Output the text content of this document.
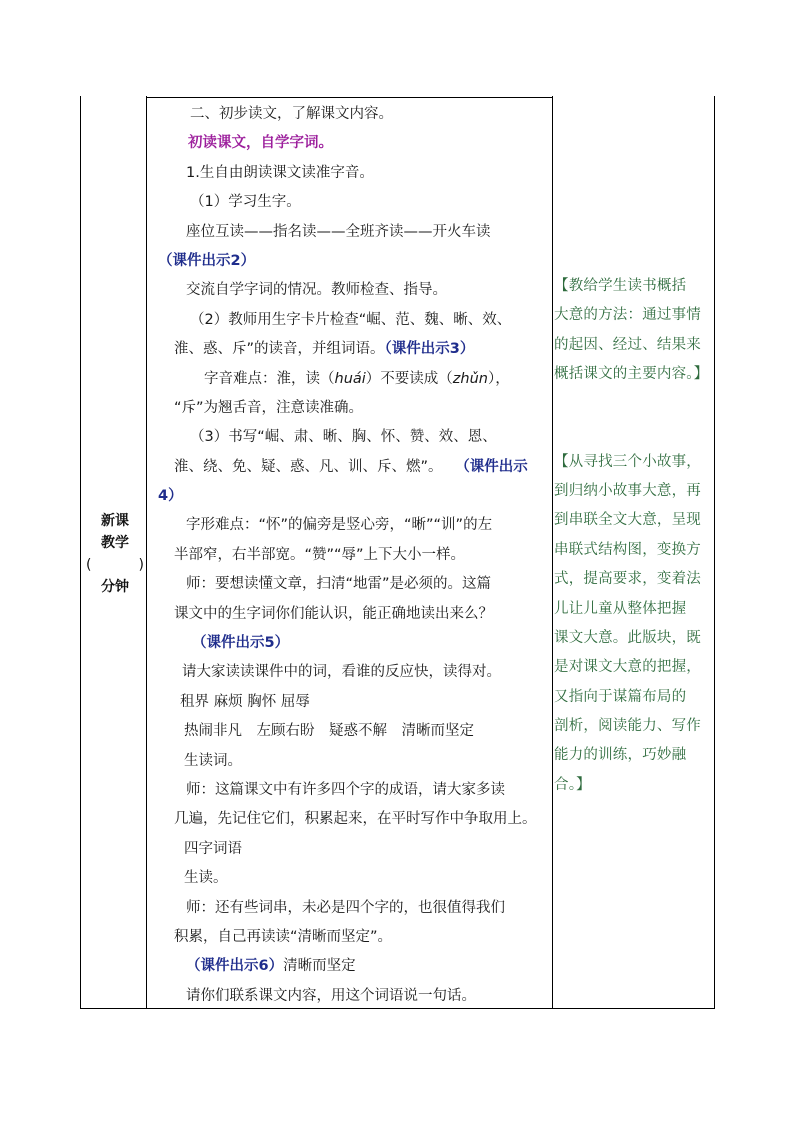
新课
教学
(	)
分钟
二、初步读文，了解课文内容。
初读课文，自学字词。
1.生自由朗读课文读准字音。
（1）学习生字。
座位互读——指名读——全班齐读——开火车读
（课件出示2）
交流自学字词的情况。教师检查、指导。
（2）教师用生字卡片检查“崛、范、魏、晰、效、
淮、惑、斥”的读音，并组词语。（课件出示3）
字音难点：淮，读（huái）不要读成（zhǔn），
“斥”为翘舌音，注意读准确。
（3）书写“崛、肃、晰、胸、怀、赞、效、恩、
淮、绕、免、疑、惑、凡、训、斥、燃”。 （课件出示
4）
字形难点：“怀”的偏旁是竖心旁，“晰”“训”的左
半部窄，右半部宽。“赞”“辱”上下大小一样。
师：要想读懂文章，扫清“地雷”是必须的。这篇
课文中的生字词你们能认识，能正确地读出来么？
（课件出示5）
请大家读读课件中的词，看谁的反应快，读得对。
租界 麻烦 胸怀 屈辱
热闹非凡　左顾右盼　疑惑不解　清晰而坚定
生读词。
师：这篇课文中有许多四个字的成语，请大家多读
几遍，先记住它们，积累起来，在平时写作中争取用上。
四字词语
生读。
师：还有些词串，未必是四个字的，也很值得我们
积累，自己再读读“清晰而坚定”。
（课件出示6）清晰而坚定
请你们联系课文内容，用这个词语说一句话。
【教给学生读书概括
大意的方法：通过事情
的起因、经过、结果来
概括课文的主要内容。】
【从寻找三个小故事，
到归纳小故事大意，再
到串联全文大意，呈现
串联式结构图，变换方
式，提高要求，变着法
儿让儿童从整体把握
课文大意。此版块，既
是对课文大意的把握，
又指向于谋篇布局的
剖析，阅读能力、写作
能力的训练，巧妙融
合。】
